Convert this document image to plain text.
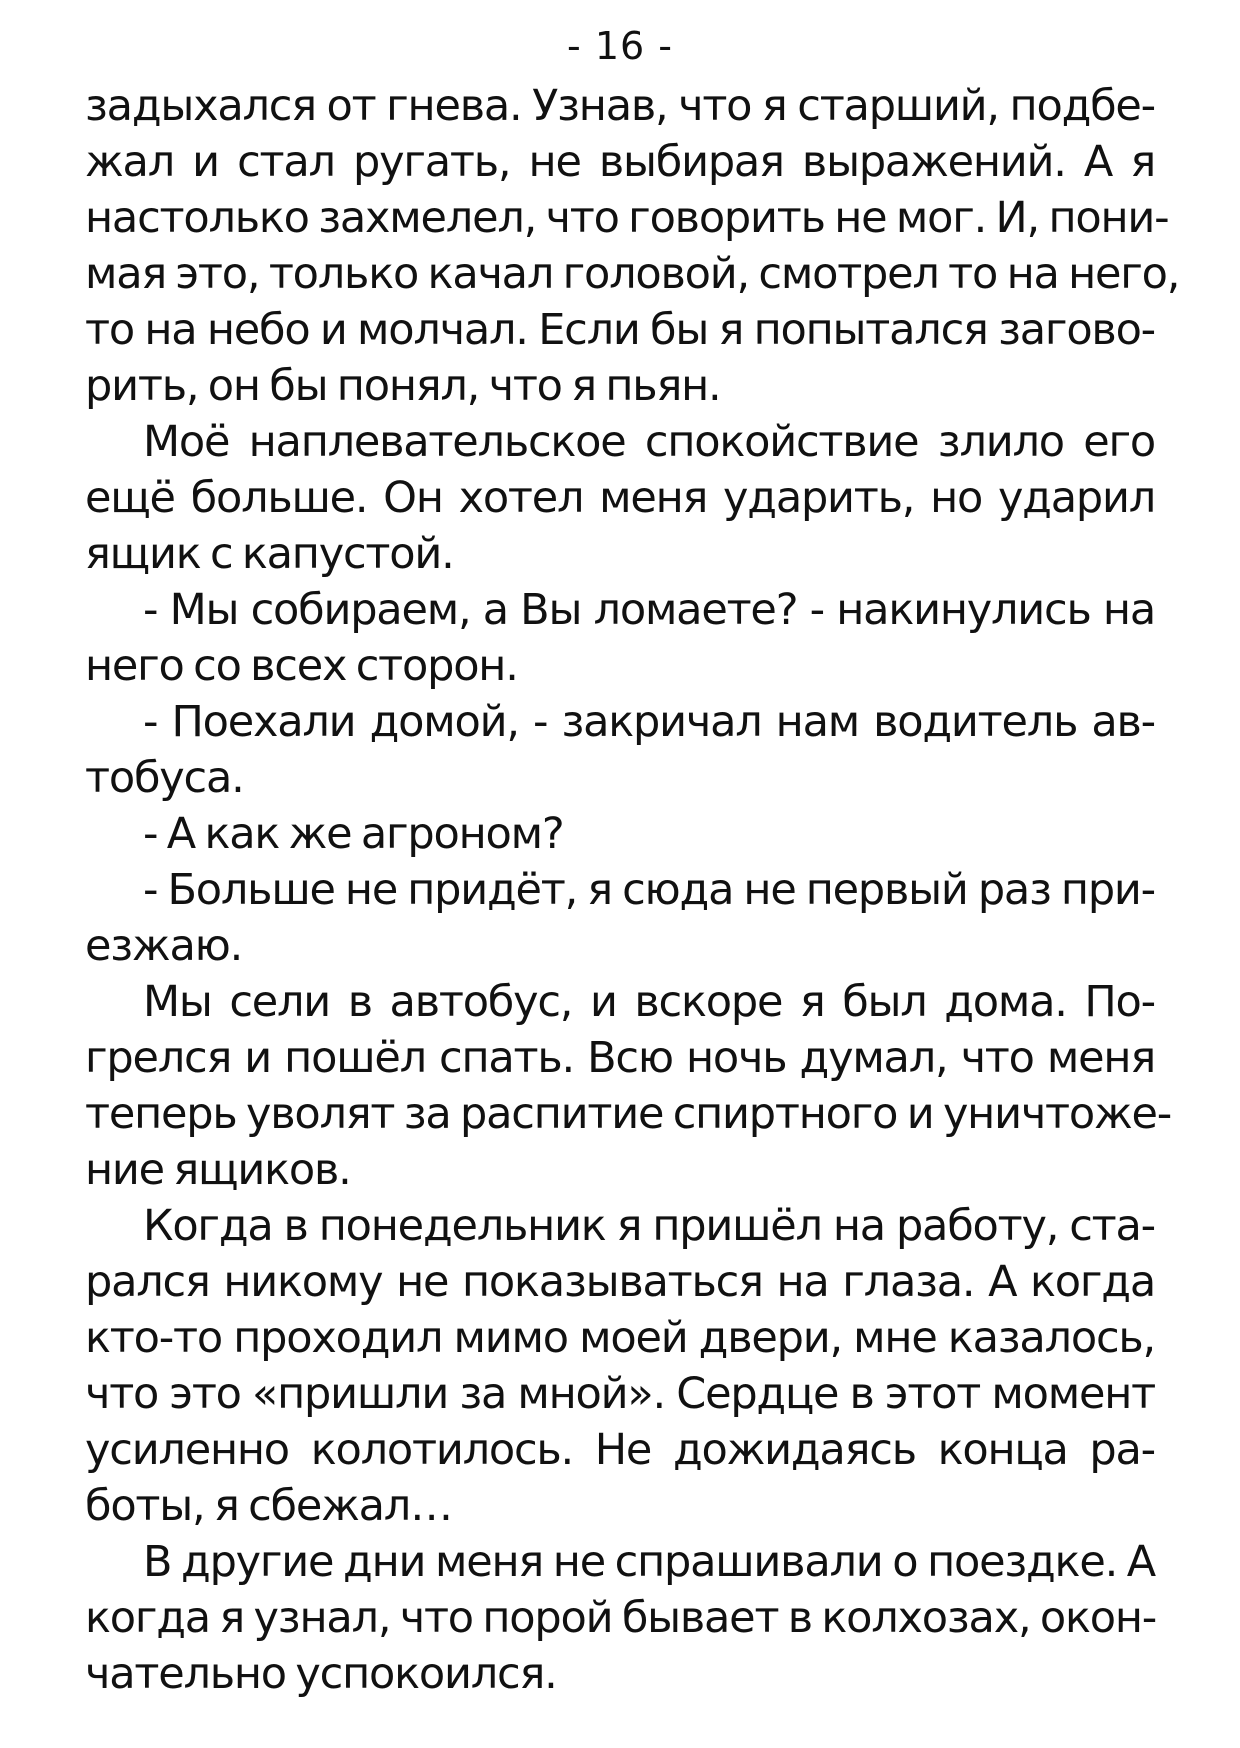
- 16 -
задыхался от гнева. Узнав, что я старший, подбе-
жал и стал ругать, не выбирая выражений. А я
настолько захмелел, что говорить не мог. И, пони-
мая это, только качал головой, смотрел то на него,
то на небо и молчал. Если бы я попытался загово-
рить, он бы понял, что я пьян.
Моё наплевательское спокойствие злило его
ещё больше. Он хотел меня ударить, но ударил
ящик с капустой.
- Мы собираем, а Вы ломаете? - накинулись на
него со всех сторон.
- Поехали домой, - закричал нам водитель ав-
тобуса.
- А как же агроном?
- Больше не придёт, я сюда не первый раз при-
езжаю.
Мы сели в автобус, и вскоре я был дома. По-
грелся и пошёл спать. Всю ночь думал, что меня
теперь уволят за распитие спиртного и уничтоже-
ние ящиков.
Когда в понедельник я пришёл на работу, ста-
рался никому не показываться на глаза. А когда
кто-то проходил мимо моей двери, мне казалось,
что это «пришли за мной». Сердце в этот момент
усиленно колотилось. Не дожидаясь конца ра-
боты, я сбежал…
В другие дни меня не спрашивали о поездке. А
когда я узнал, что порой бывает в колхозах, окон-
чательно успокоился.
